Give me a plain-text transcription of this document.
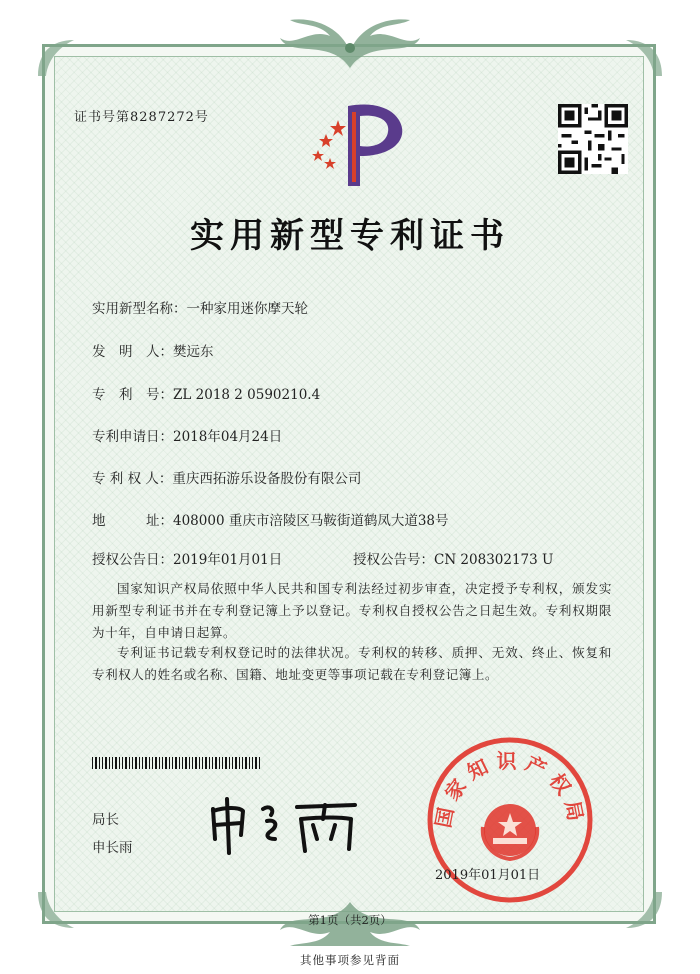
证书号第8287272号
实用新型专利证书
实用新型名称：一种家用迷你摩天轮
发　明　人：樊远东
专　利　号：ZL 2018 2 0590210.4
专利申请日：2018年04月24日
专 利 权 人：重庆西拓游乐设备股份有限公司
地　　　址：408000 重庆市涪陵区马鞍街道鹤凤大道38号
授权公告日：2019年01月01日	授权公告号：CN 208302173 U
国家知识产权局依照中华人民共和国专利法经过初步审查，决定授予专利权，颁发实用新型专利证书并在专利登记簿上予以登记。专利权自授权公告之日起生效。专利权期限为十年，自申请日起算。
专利证书记载专利权登记时的法律状况。专利权的转移、质押、无效、终止、恢复和专利权人的姓名或名称、国籍、地址变更等事项记载在专利登记簿上。
局长
申长雨
国家知识产权局
2019年01月01日
第1页（共2页）
其他事项参见背面
